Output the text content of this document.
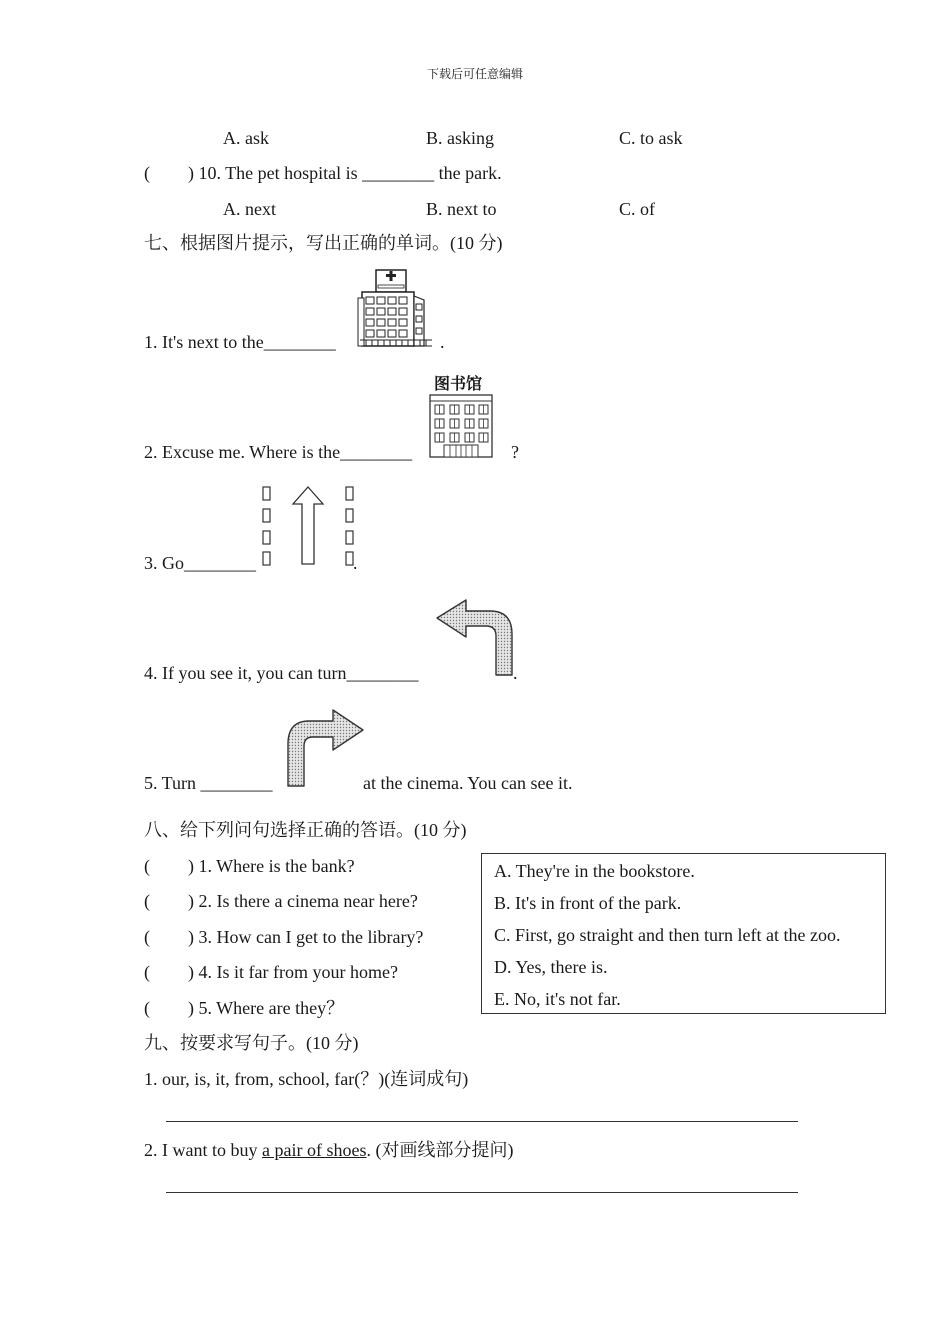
下载后可任意编辑
A. ask	B. asking	C. to ask
( ) 10. The pet hospital is ________ the park.
A. next	B. next to	C. of
七、根据图片提示，写出正确的单词。(10 分)
1. It's next to the________	.
2. Excuse me. Where is the________
图书馆
?
3. Go________	.
4. If you see it, you can turn________	.
5. Turn ________	at the cinema. You can see it.
八、给下列问句选择正确的答语。(10 分)
( ) 1. Where is the bank?
( ) 2. Is there a cinema near here?
( ) 3. How can I get to the library?
( ) 4. Is it far from your home?
( ) 5. Where are they？
A. They're in the bookstore.
B. It's in front of the park.
C. First, go straight and then turn left at the zoo.
D. Yes, there is.
E. No, it's not far.
九、按要求写句子。(10 分)
1. our, is, it, from, school, far(？)(连词成句)
2. I want to buy a pair of shoes. (对画线部分提问)
